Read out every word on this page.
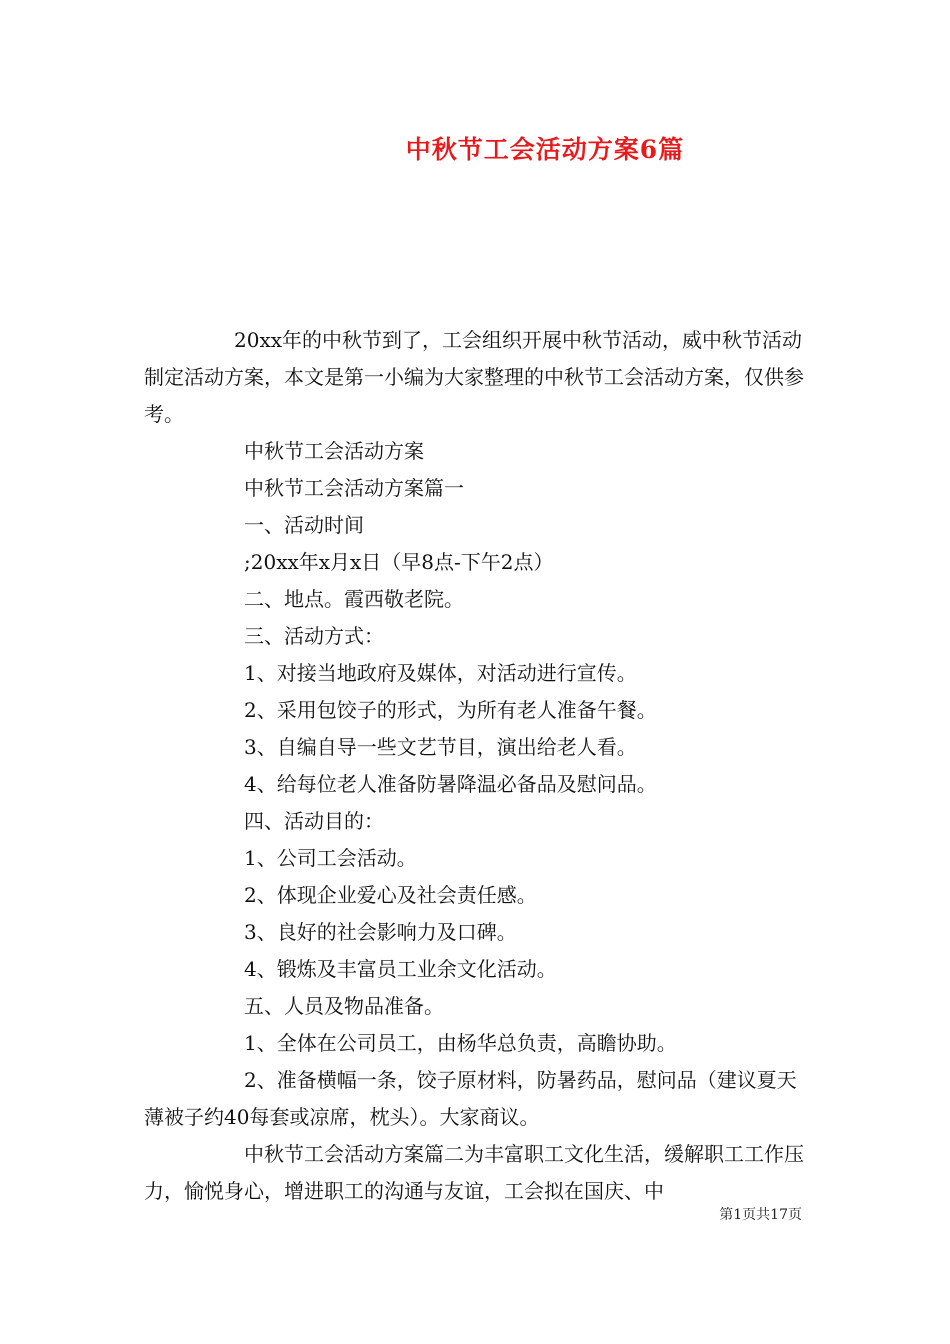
中秋节工会活动方案6篇

20xx年的中秋节到了，工会组织开展中秋节活动，威中秋节活动制定活动方案，本文是第一小编为大家整理的中秋节工会活动方案，仅供参考。

中秋节工会活动方案

中秋节工会活动方案篇一

一、活动时间

;20xx年x月x日（早8点-下午2点）

二、地点。霞西敬老院。

三、活动方式：

1、对接当地政府及媒体，对活动进行宣传。

2、采用包饺子的形式，为所有老人准备午餐。

3、自编自导一些文艺节目，演出给老人看。

4、给每位老人准备防暑降温必备品及慰问品。

四、活动目的：

1、公司工会活动。

2、体现企业爱心及社会责任感。

3、良好的社会影响力及口碑。

4、锻炼及丰富员工业余文化活动。

五、人员及物品准备。

1、全体在公司员工，由杨华总负责，高瞻协助。

2、准备横幅一条，饺子原材料，防暑药品，慰问品（建议夏天薄被子约40每套或凉席，枕头）。大家商议。

中秋节工会活动方案篇二为丰富职工文化生活，缓解职工工作压力，愉悦身心，增进职工的沟通与友谊，工会拟在国庆、中

第1页共17页
